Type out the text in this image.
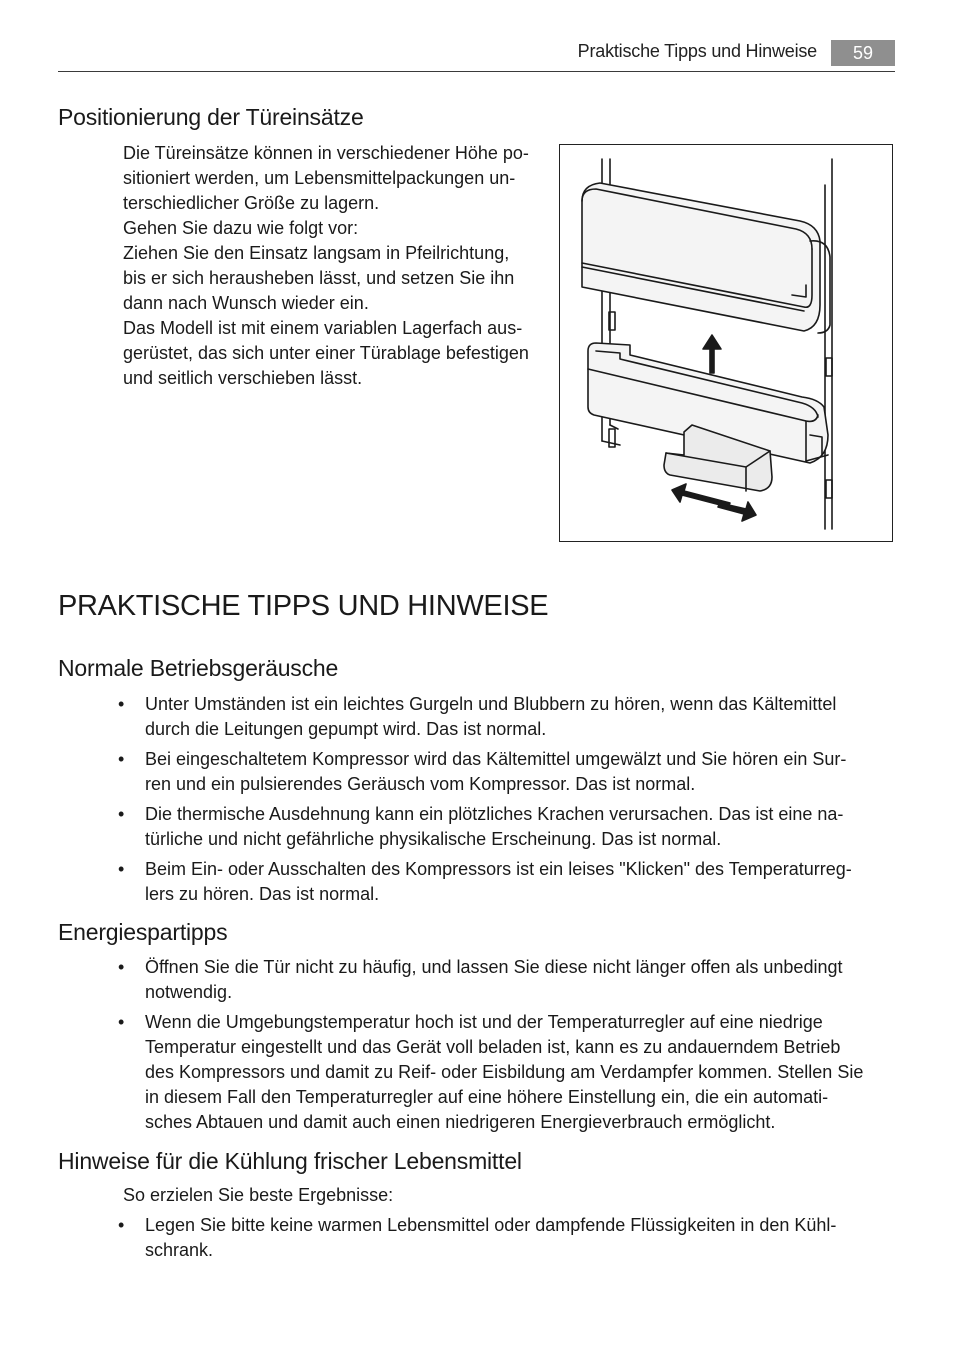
Praktische Tipps und Hinweise	59
Positionierung der Türeinsätze
Die Türeinsätze können in verschiedener Höhe po-
sitioniert werden, um Lebensmittelpackungen un-
terschiedlicher Größe zu lagern.
Gehen Sie dazu wie folgt vor:
Ziehen Sie den Einsatz langsam in Pfeilrichtung,
bis er sich herausheben lässt, und setzen Sie ihn
dann nach Wunsch wieder ein.
Das Modell ist mit einem variablen Lagerfach aus-
gerüstet, das sich unter einer Türablage befestigen
und seitlich verschieben lässt.
PRAKTISCHE TIPPS UND HINWEISE
Normale Betriebsgeräusche
• Unter Umständen ist ein leichtes Gurgeln und Blubbern zu hören, wenn das Kältemittel
durch die Leitungen gepumpt wird. Das ist normal.
• Bei eingeschaltetem Kompressor wird das Kältemittel umgewälzt und Sie hören ein Sur-
ren und ein pulsierendes Geräusch vom Kompressor. Das ist normal.
• Die thermische Ausdehnung kann ein plötzliches Krachen verursachen. Das ist eine na-
türliche und nicht gefährliche physikalische Erscheinung. Das ist normal.
• Beim Ein- oder Ausschalten des Kompressors ist ein leises "Klicken" des Temperaturreg-
lers zu hören. Das ist normal.
Energiespartipps
• Öffnen Sie die Tür nicht zu häufig, und lassen Sie diese nicht länger offen als unbedingt
notwendig.
• Wenn die Umgebungstemperatur hoch ist und der Temperaturregler auf eine niedrige
Temperatur eingestellt und das Gerät voll beladen ist, kann es zu andauerndem Betrieb
des Kompressors und damit zu Reif- oder Eisbildung am Verdampfer kommen. Stellen Sie
in diesem Fall den Temperaturregler auf eine höhere Einstellung ein, die ein automati-
sches Abtauen und damit auch einen niedrigeren Energieverbrauch ermöglicht.
Hinweise für die Kühlung frischer Lebensmittel
So erzielen Sie beste Ergebnisse:
• Legen Sie bitte keine warmen Lebensmittel oder dampfende Flüssigkeiten in den Kühl-
schrank.
